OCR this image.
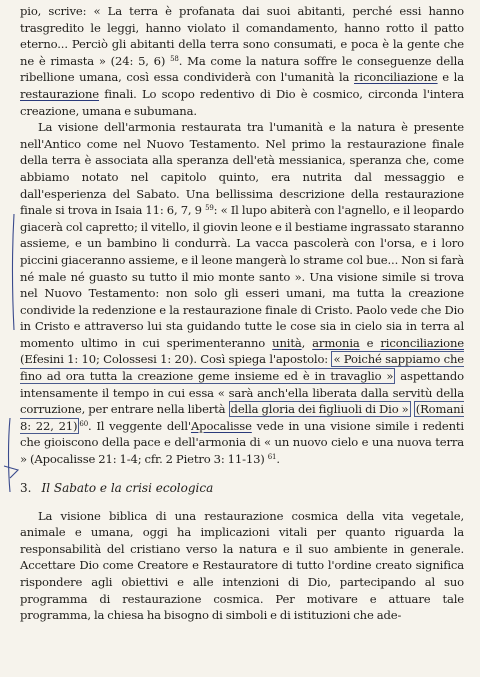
pio, scrive: « La terra è profanata dai suoi abitanti, perché essi hanno trasgredito le leggi, hanno violato il comandamento, hanno rotto il patto eterno... Perciò gli abitanti della terra sono consumati, e poca è la gente che ne è rimasta » (24: 5, 6) $^{58}$. Ma come la natura soffre le conseguenze della ribellione umana, così essa condividerà con l'umanità la riconciliazione e la restaurazione finali. Lo scopo redentivo di Dio è cosmico, circonda l'intera creazione, umana e subumana.

La visione dell'armonia restaurata tra l'umanità e la natura è presente nell'Antico come nel Nuovo Testamento. Nel primo la restaurazione finale della terra è associata alla speranza dell'età messianica, speranza che, come abbiamo notato nel capitolo quinto, era nutrita dal messaggio e dall'esperienza del Sabato. Una bellissima descrizione della restaurazione finale si trova in Isaia 11: 6, 7, 9 $^{59}$: « Il lupo abiterà con l'agnello, e il leopardo giacerà col capretto; il vitello, il giovin leone e il bestiame ingrassato staranno assieme, e un bambino li condurrà. La vacca pascolerà con l'orsa, e i loro piccini giaceranno assieme, e il leone mangerà lo strame col bue... Non si farà né male né guasto su tutto il mio monte santo ». Una visione simile si trova nel Nuovo Testamento: non solo gli esseri umani, ma tutta la creazione condivide la redenzione e la restaurazione finale di Cristo. Paolo vede che Dio in Cristo e attraverso lui sta guidando tutte le cose sia in cielo sia in terra al momento ultimo in cui sperimenteranno unità, armonia e riconciliazione (Efesini 1: 10; Colossesi 1: 20). Così spiega l'apostolo: « Poiché sappiamo che fino ad ora tutta la creazione geme insieme ed è in travaglio » aspettando intensamente il tempo in cui essa « sarà anch'ella liberata dalla servitù della corruzione, per entrare nella libertà della gloria dei figliuoli di Dio » (Romani 8: 22, 21) $^{60}$. Il veggente dell'Apocalisse vede in una visione simile i redenti che gioiscono della pace e dell'armonia di « un nuovo cielo e una nuova terra » (Apocalisse 21: 1-4; cfr. 2 Pietro 3: 11-13) $^{61}$.

3. Il Sabato e la crisi ecologica

La visione biblica di una restaurazione cosmica della vita vegetale, animale e umana, oggi ha implicazioni vitali per quanto riguarda la responsabilità del cristiano verso la natura e il suo ambiente in generale. Accettare Dio come Creatore e Restauratore di tutto l'ordine creato significa rispondere agli obiettivi e alle intenzioni di Dio, partecipando al suo programma di restaurazione cosmica. Per motivare e attuare tale programma, la chiesa ha bisogno di simboli e di istituzioni che ade-
